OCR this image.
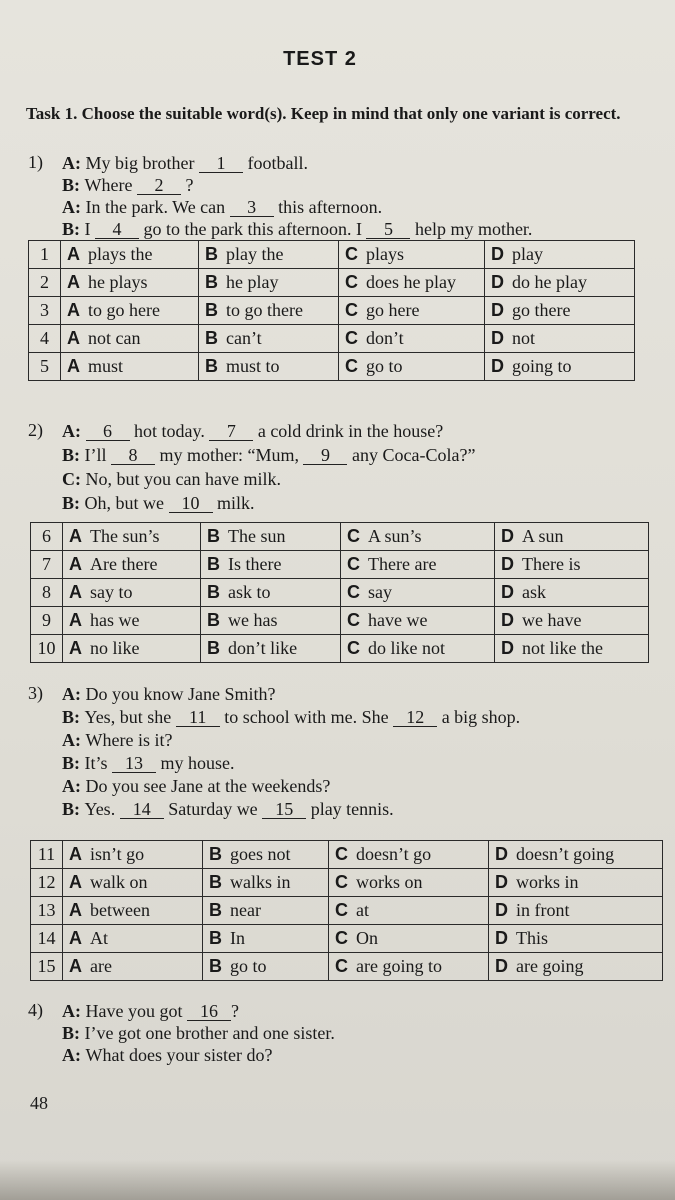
TEST 2
Task 1. Choose the suitable word(s). Keep in mind that only one variant is correct.
48
1) A: My big brother 1 football.
B: Where 2 ?
A: In the park. We can 3 this afternoon.
B: I 4 go to the park this afternoon. I 5 help my mother.
1	A plays the	B play the	C plays	D play
2	A he plays	B he play	C does he play	D do he play
3	A to go here	B to go there	C go here	D go there
4	A not can	B can’t	C don’t	D not
5	A must	B must to	C go to	D going to
2) A: 6 hot today. 7 a cold drink in the house?
B: I’ll 8 my mother: “Mum, 9 any Coca-Cola?”
C: No, but you can have milk.
B: Oh, but we 10 milk.
6	A The sun’s	B The sun	C A sun’s	D A sun
7	A Are there	B Is there	C There are	D There is
8	A say to	B ask to	C say	D ask
9	A has we	B we has	C have we	D we have
10	A no like	B don’t like	C do like not	D not like the
3) A: Do you know Jane Smith?
B: Yes, but she 11 to school with me. She 12 a big shop.
A: Where is it?
B: It’s 13 my house.
A: Do you see Jane at the weekends?
B: Yes. 14 Saturday we 15 play tennis.
11	A isn’t go	B goes not	C doesn’t go	D doesn’t going
12	A walk on	B walks in	C works on	D works in
13	A between	B near	C at	D in front
14	A At	B In	C On	D This
15	A are	B go to	C are going to	D are going
4) A: Have you got 16 ?
B: I’ve got one brother and one sister.
A: What does your sister do?
